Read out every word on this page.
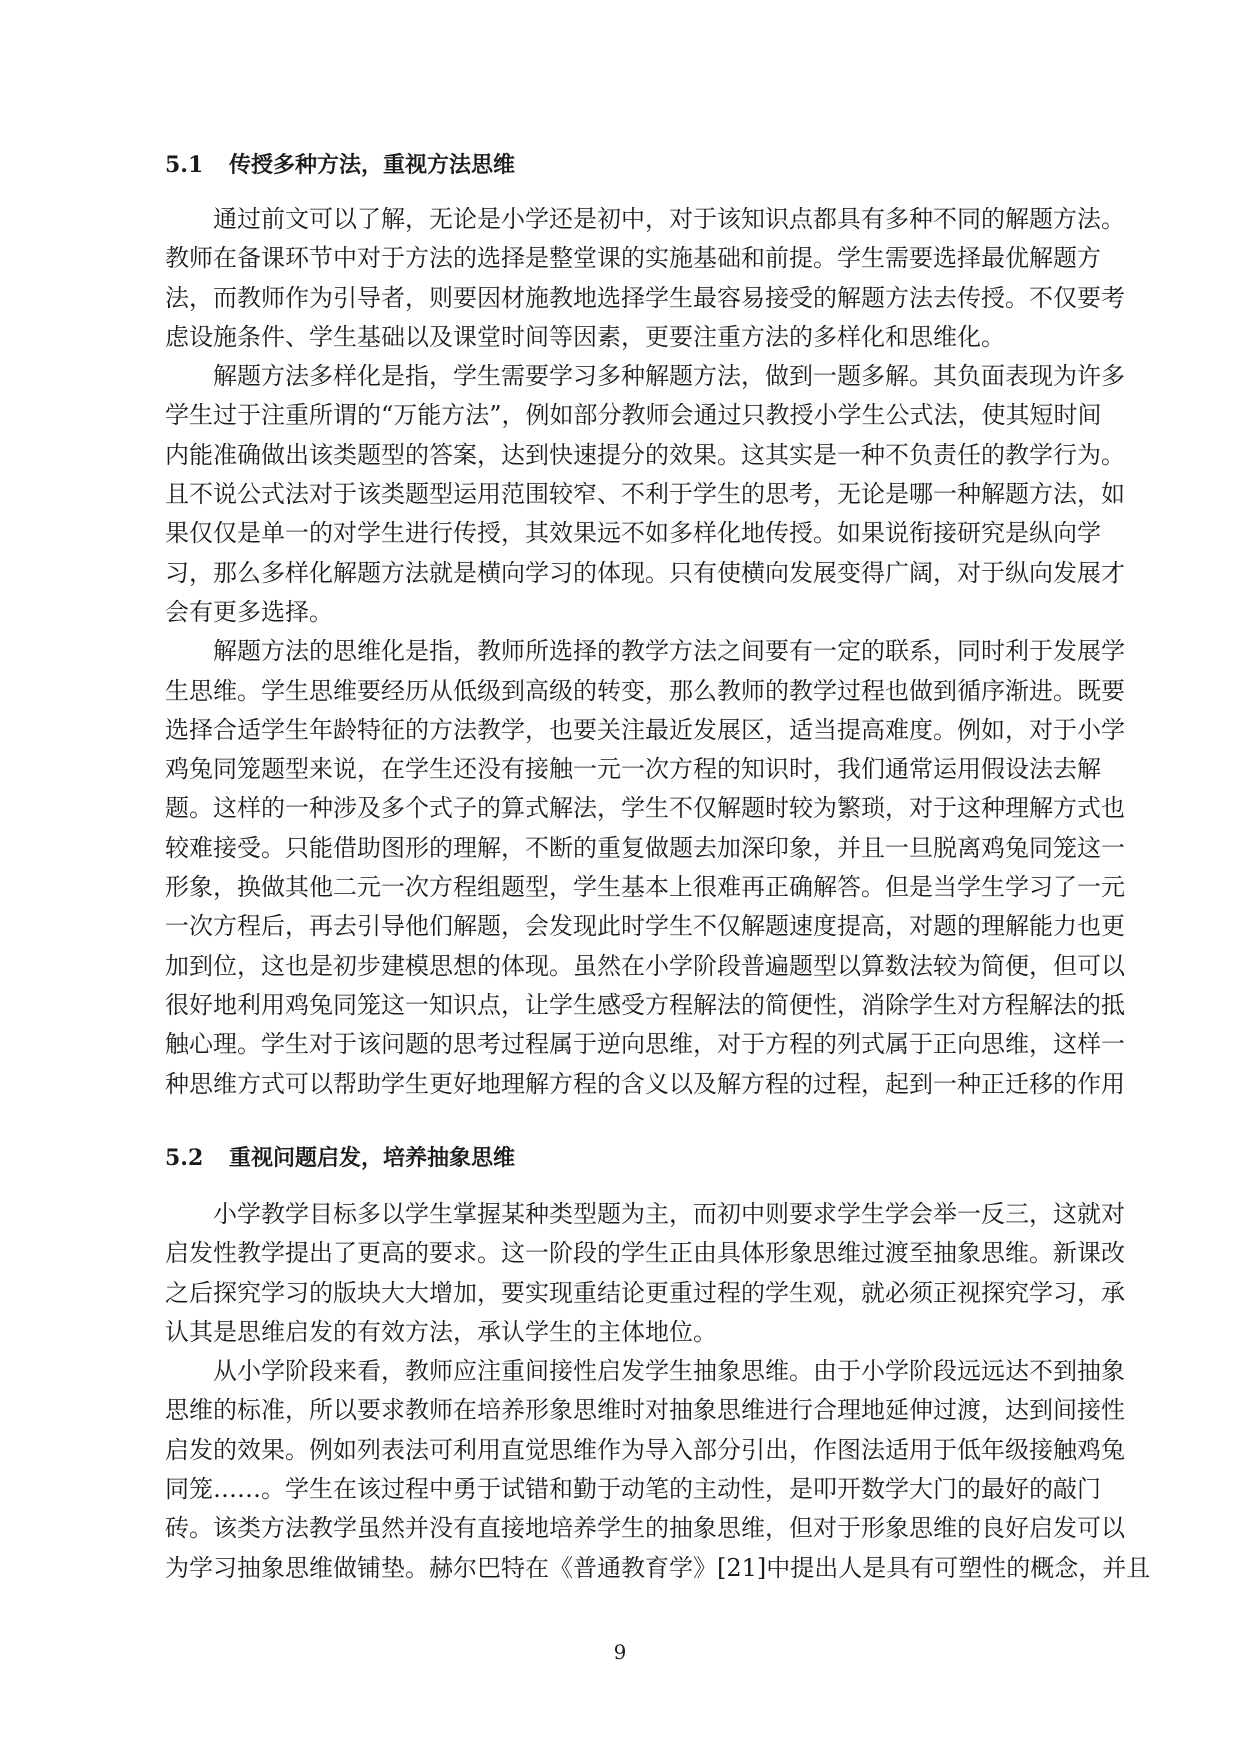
5.1 传授多种方法，重视方法思维
通过前文可以了解，无论是小学还是初中，对于该知识点都具有多种不同的解题方法。
教师在备课环节中对于方法的选择是整堂课的实施基础和前提。学生需要选择最优解题方
法，而教师作为引导者，则要因材施教地选择学生最容易接受的解题方法去传授。不仅要考
虑设施条件、学生基础以及课堂时间等因素，更要注重方法的多样化和思维化。
解题方法多样化是指，学生需要学习多种解题方法，做到一题多解。其负面表现为许多
学生过于注重所谓的“万能方法”，例如部分教师会通过只教授小学生公式法，使其短时间
内能准确做出该类题型的答案，达到快速提分的效果。这其实是一种不负责任的教学行为。
且不说公式法对于该类题型运用范围较窄、不利于学生的思考，无论是哪一种解题方法，如
果仅仅是单一的对学生进行传授，其效果远不如多样化地传授。如果说衔接研究是纵向学
习，那么多样化解题方法就是横向学习的体现。只有使横向发展变得广阔，对于纵向发展才
会有更多选择。
解题方法的思维化是指，教师所选择的教学方法之间要有一定的联系，同时利于发展学
生思维。学生思维要经历从低级到高级的转变，那么教师的教学过程也做到循序渐进。既要
选择合适学生年龄特征的方法教学，也要关注最近发展区，适当提高难度。例如，对于小学
鸡兔同笼题型来说，在学生还没有接触一元一次方程的知识时，我们通常运用假设法去解
题。这样的一种涉及多个式子的算式解法，学生不仅解题时较为繁琐，对于这种理解方式也
较难接受。只能借助图形的理解，不断的重复做题去加深印象，并且一旦脱离鸡兔同笼这一
形象，换做其他二元一次方程组题型，学生基本上很难再正确解答。但是当学生学习了一元
一次方程后，再去引导他们解题，会发现此时学生不仅解题速度提高，对题的理解能力也更
加到位，这也是初步建模思想的体现。虽然在小学阶段普遍题型以算数法较为简便，但可以
很好地利用鸡兔同笼这一知识点，让学生感受方程解法的简便性，消除学生对方程解法的抵
触心理。学生对于该问题的思考过程属于逆向思维，对于方程的列式属于正向思维，这样一
种思维方式可以帮助学生更好地理解方程的含义以及解方程的过程，起到一种正迁移的作用
5.2 重视问题启发，培养抽象思维
小学教学目标多以学生掌握某种类型题为主，而初中则要求学生学会举一反三，这就对
启发性教学提出了更高的要求。这一阶段的学生正由具体形象思维过渡至抽象思维。新课改
之后探究学习的版块大大增加，要实现重结论更重过程的学生观，就必须正视探究学习，承
认其是思维启发的有效方法，承认学生的主体地位。
从小学阶段来看，教师应注重间接性启发学生抽象思维。由于小学阶段远远达不到抽象
思维的标准，所以要求教师在培养形象思维时对抽象思维进行合理地延伸过渡，达到间接性
启发的效果。例如列表法可利用直觉思维作为导入部分引出，作图法适用于低年级接触鸡兔
同笼……。学生在该过程中勇于试错和勤于动笔的主动性，是叩开数学大门的最好的敲门
砖。该类方法教学虽然并没有直接地培养学生的抽象思维，但对于形象思维的良好启发可以
为学习抽象思维做铺垫。赫尔巴特在《普通教育学》[21]中提出人是具有可塑性的概念，并且
9
